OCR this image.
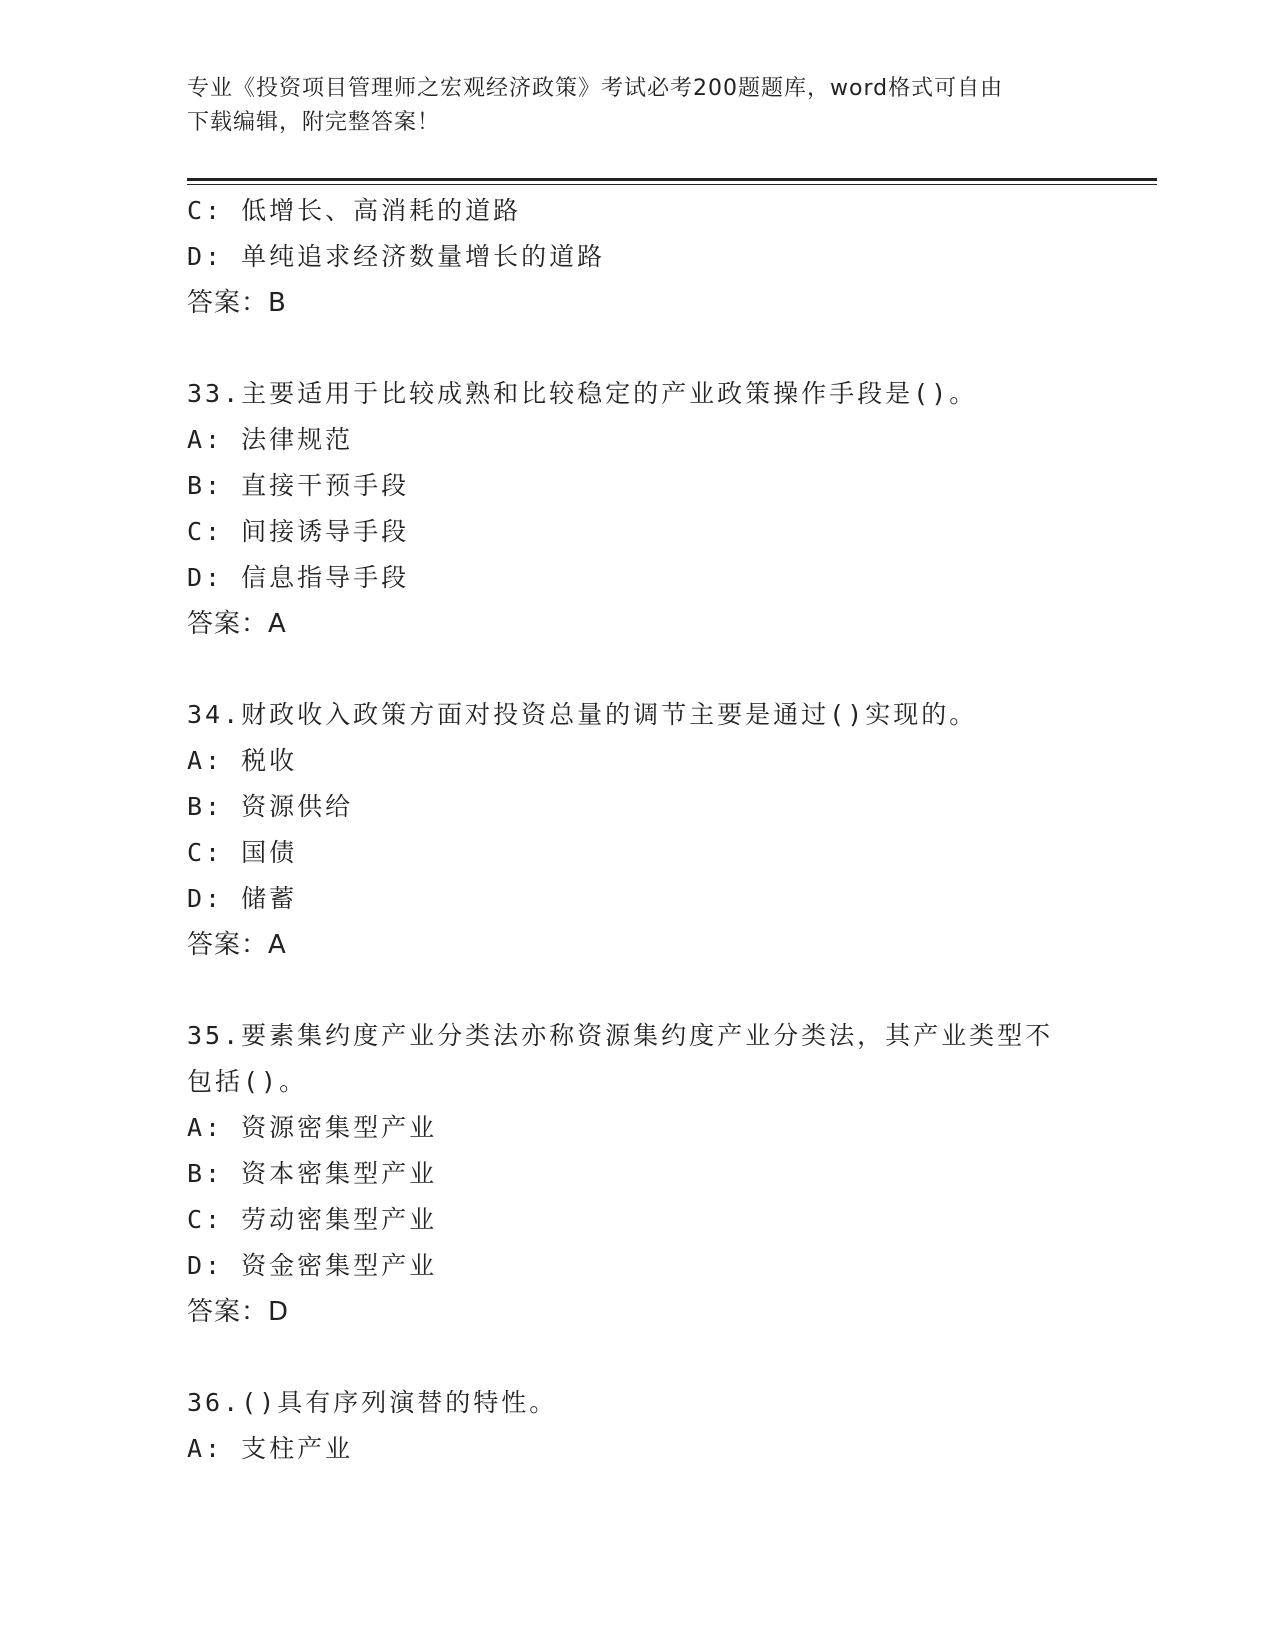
专业《投资项目管理师之宏观经济政策》考试必考200题题库，word格式可自由
下载编辑，附完整答案！
C: 低增长、高消耗的道路
D: 单纯追求经济数量增长的道路
答案：B
33.主要适用于比较成熟和比较稳定的产业政策操作手段是()。
A: 法律规范
B: 直接干预手段
C: 间接诱导手段
D: 信息指导手段
答案：A
34.财政收入政策方面对投资总量的调节主要是通过()实现的。
A: 税收
B: 资源供给
C: 国债
D: 储蓄
答案：A
35.要素集约度产业分类法亦称资源集约度产业分类法，其产业类型不
包括()。
A: 资源密集型产业
B: 资本密集型产业
C: 劳动密集型产业
D: 资金密集型产业
答案：D
36.()具有序列演替的特性。
A: 支柱产业
